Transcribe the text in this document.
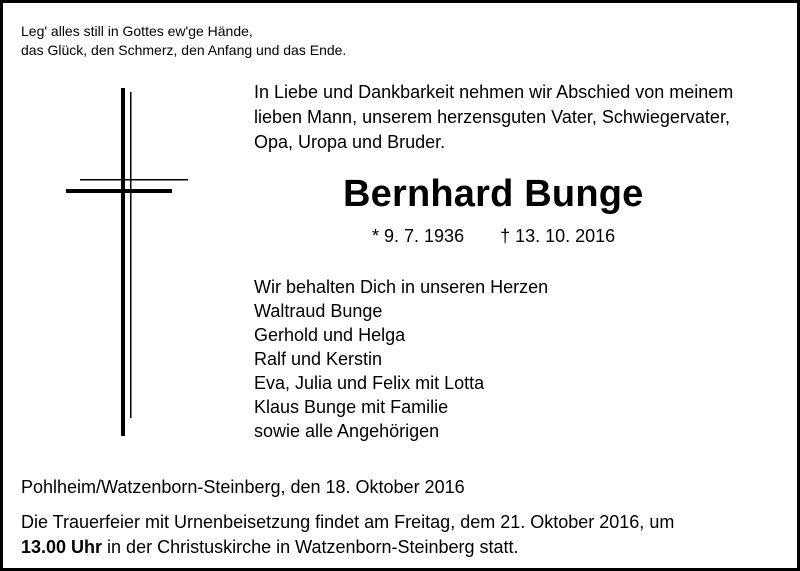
Leg' alles still in Gottes ew'ge Hände,
das Glück, den Schmerz, den Anfang und das Ende.
In Liebe und Dankbarkeit nehmen wir Abschied von meinem
lieben Mann, unserem herzensguten Vater, Schwiegervater,
Opa, Uropa und Bruder.
Bernhard Bunge
* 9. 7. 1936 † 13. 10. 2016
Wir behalten Dich in unseren Herzen
Waltraud Bunge
Gerhold und Helga
Ralf und Kerstin
Eva, Julia und Felix mit Lotta
Klaus Bunge mit Familie
sowie alle Angehörigen
Pohlheim/Watzenborn-Steinberg, den 18. Oktober 2016
Die Trauerfeier mit Urnenbeisetzung findet am Freitag, dem 21. Oktober 2016, um
13.00 Uhr in der Christuskirche in Watzenborn-Steinberg statt.
